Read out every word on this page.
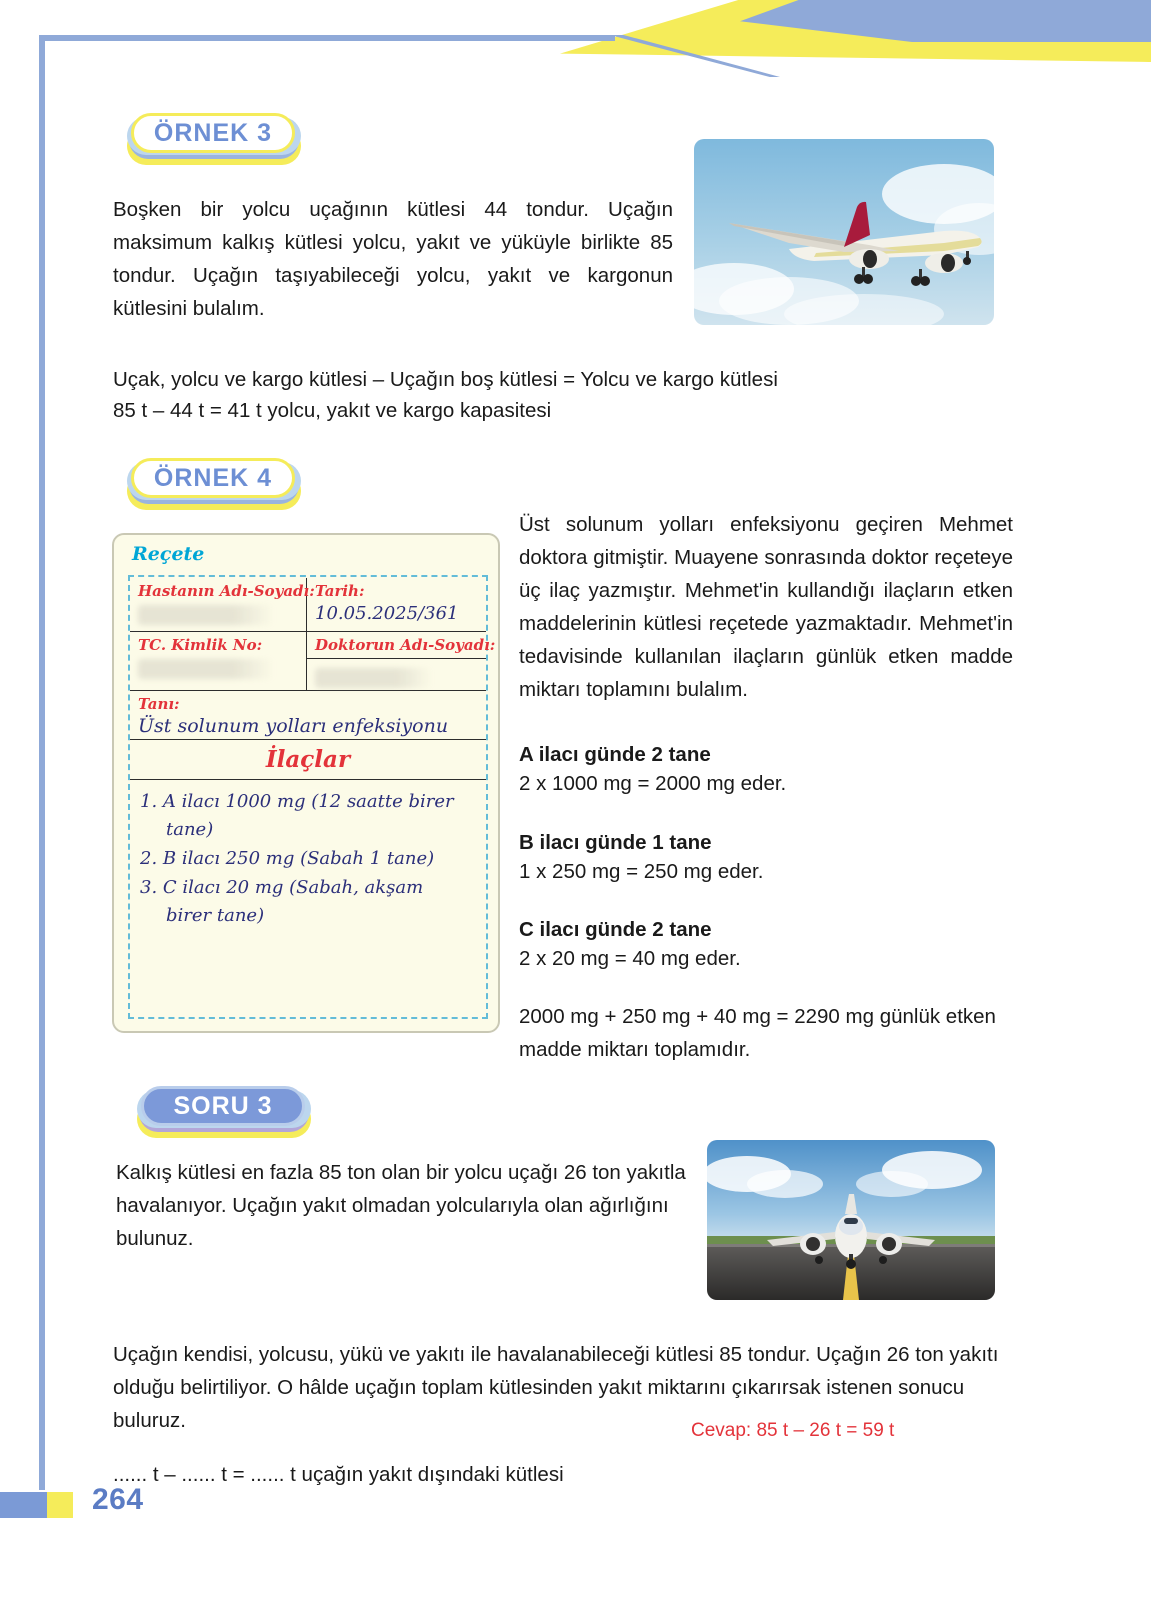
ÖRNEK 3
Boşken bir yolcu uçağının kütlesi 44 tondur. Uçağın maksimum kalkış kütlesi yolcu, yakıt ve yüküyle birlikte 85 tondur. Uçağın taşıyabileceği yolcu, yakıt ve kargonun kütlesini bulalım.
Uçak, yolcu ve kargo kütlesi – Uçağın boş kütlesi = Yolcu ve kargo kütlesi
85 t – 44 t = 41 t yolcu, yakıt ve kargo kapasitesi
ÖRNEK 4
Reçete
Hastanın Adı-Soyadı: Tarih:
10.05.2025/361
TC. Kimlik No:	Doktorun Adı-Soyadı:
Tanı:
Üst solunum yolları enfeksiyonu
İlaçlar
1. A ilacı 1000 mg (12 saatte birer
tane)
2. B ilacı 250 mg (Sabah 1 tane)
3. C ilacı 20 mg (Sabah, akşam
birer tane)
Üst solunum yolları enfeksiyonu geçiren Mehmet doktora gitmiştir. Muayene sonrasında doktor reçeteye üç ilaç yazmıştır. Mehmet'in kullandığı ilaçların etken maddelerinin kütlesi reçetede yazmaktadır. Mehmet'in tedavisinde kullanılan ilaçların günlük etken madde miktarı toplamını bulalım.
A ilacı günde 2 tane
2 x 1000 mg = 2000 mg eder.
B ilacı günde 1 tane
1 x 250 mg = 250 mg eder.
C ilacı günde 2 tane
2 x 20 mg = 40 mg eder.
2000 mg + 250 mg + 40 mg = 2290 mg günlük etken madde miktarı toplamıdır.
SORU 3
Kalkış kütlesi en fazla 85 ton olan bir yolcu uçağı 26 ton yakıtla havalanıyor. Uçağın yakıt olmadan yolcularıyla olan ağırlığını bulunuz.
Uçağın kendisi, yolcusu, yükü ve yakıtı ile havalanabileceği kütlesi 85 tondur. Uçağın 26 ton yakıtı olduğu belirtiliyor. O hâlde uçağın toplam kütlesinden yakıt miktarını çıkarırsak istenen sonucu buluruz.
...... t – ...... t = ...... t uçağın yakıt dışındaki kütlesi
Cevap: 85 t – 26 t = 59 t
264
